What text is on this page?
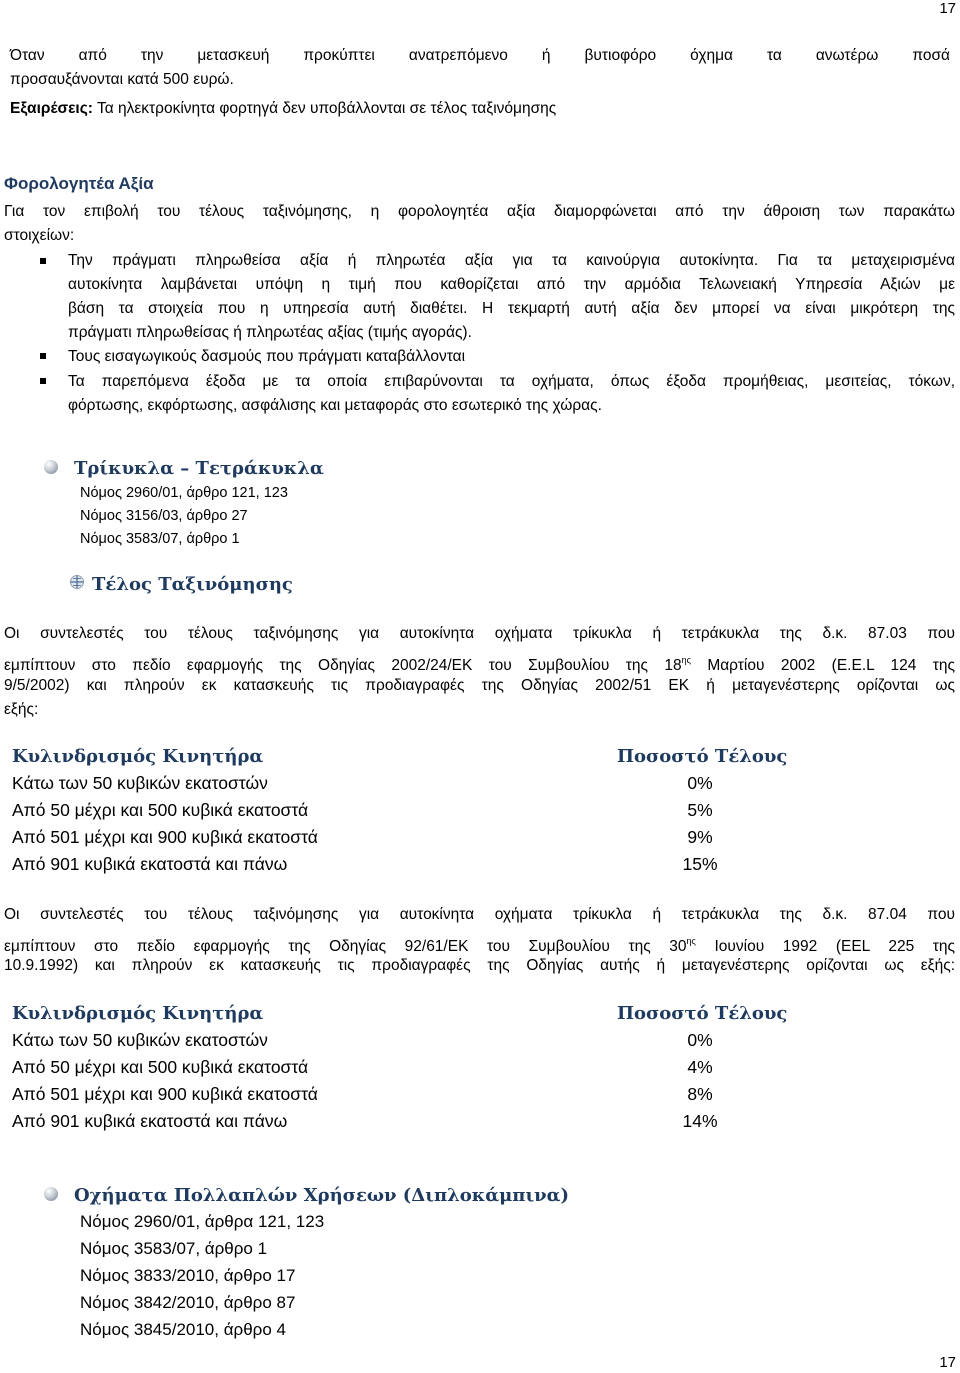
17
Όταν από την μετασκευή προκύπτει ανατρεπόμενο ή βυτιοφόρο όχημα τα ανωτέρω ποσά
προσαυξάνονται κατά 500 ευρώ.
Εξαιρέσεις: Τα ηλεκτροκίνητα φορτηγά δεν υποβάλλονται σε τέλος ταξινόμησης
Φορολογητέα Αξία
Για τον επιβολή του τέλους ταξινόμησης, η φορολογητέα αξία διαμορφώνεται από την άθροιση των παρακάτω
στοιχείων:
Την πράγματι πληρωθείσα αξία ή πληρωτέα αξία για τα καινούργια αυτοκίνητα. Για τα μεταχειρισμένα
αυτοκίνητα λαμβάνεται υπόψη η τιμή που καθορίζεται από την αρμόδια Τελωνειακή Υπηρεσία Αξιών με
βάση τα στοιχεία που η υπηρεσία αυτή διαθέτει. Η τεκμαρτή αυτή αξία δεν μπορεί να είναι μικρότερη της
πράγματι πληρωθείσας ή πληρωτέας αξίας (τιμής αγοράς).
Τους εισαγωγικούς δασμούς που πράγματι καταβάλλονται
Τα παρεπόμενα έξοδα με τα οποία επιβαρύνονται τα οχήματα, όπως έξοδα προμήθειας, μεσιτείας, τόκων,
φόρτωσης, εκφόρτωσης, ασφάλισης και μεταφοράς στο εσωτερικό της χώρας.
Τρίκυκλα – Τετράκυκλα
Νόμος 2960/01, άρθρο 121, 123
Νόμος 3156/03, άρθρο 27
Νόμος 3583/07, άρθρο 1
Τέλος Ταξινόμησης
Οι συντελεστές του τέλους ταξινόμησης για αυτοκίνητα οχήματα τρίκυκλα ή τετράκυκλα της δ.κ. 87.03 που
εμπίπτουν στο πεδίο εφαρμογής της Οδηγίας 2002/24/ΕΚ του Συμβουλίου της $18^{\eta\varsigma}$ Μαρτίου 2002 (Ε.Ε.L 124 της
9/5/2002) και πληρούν εκ κατασκευής τις προδιαγραφές της Οδηγίας 2002/51 ΕΚ ή μεταγενέστερης ορίζονται ως
εξής:
Κυλινδρισμός Κινητήρα	Ποσοστό Τέλους
Κάτω των 50 κυβικών εκατοστών	0%
Από 50 μέχρι και 500 κυβικά εκατοστά	5%
Από 501 μέχρι και 900 κυβικά εκατοστά	9%
Από 901 κυβικά εκατοστά και πάνω	15%
Οι συντελεστές του τέλους ταξινόμησης για αυτοκίνητα οχήματα τρίκυκλα ή τετράκυκλα της δ.κ. 87.04 που
εμπίπτουν στο πεδίο εφαρμογής της Οδηγίας 92/61/ΕΚ του Συμβουλίου της $30^{\eta\varsigma}$ Ιουνίου 1992 (EEL 225 της
10.9.1992) και πληρούν εκ κατασκευής τις προδιαγραφές της Οδηγίας αυτής ή μεταγενέστερης ορίζονται ως εξής:
Κυλινδρισμός Κινητήρα	Ποσοστό Τέλους
Κάτω των 50 κυβικών εκατοστών	0%
Από 50 μέχρι και 500 κυβικά εκατοστά	4%
Από 501 μέχρι και 900 κυβικά εκατοστά	8%
Από 901 κυβικά εκατοστά και πάνω	14%
Οχήματα Πολλαπλών Χρήσεων (Διπλοκάμπινα)
Νόμος 2960/01, άρθρα 121, 123
Νόμος 3583/07, άρθρο 1
Νόμος 3833/2010, άρθρο 17
Νόμος 3842/2010, άρθρο 87
Νόμος 3845/2010, άρθρο 4
17
